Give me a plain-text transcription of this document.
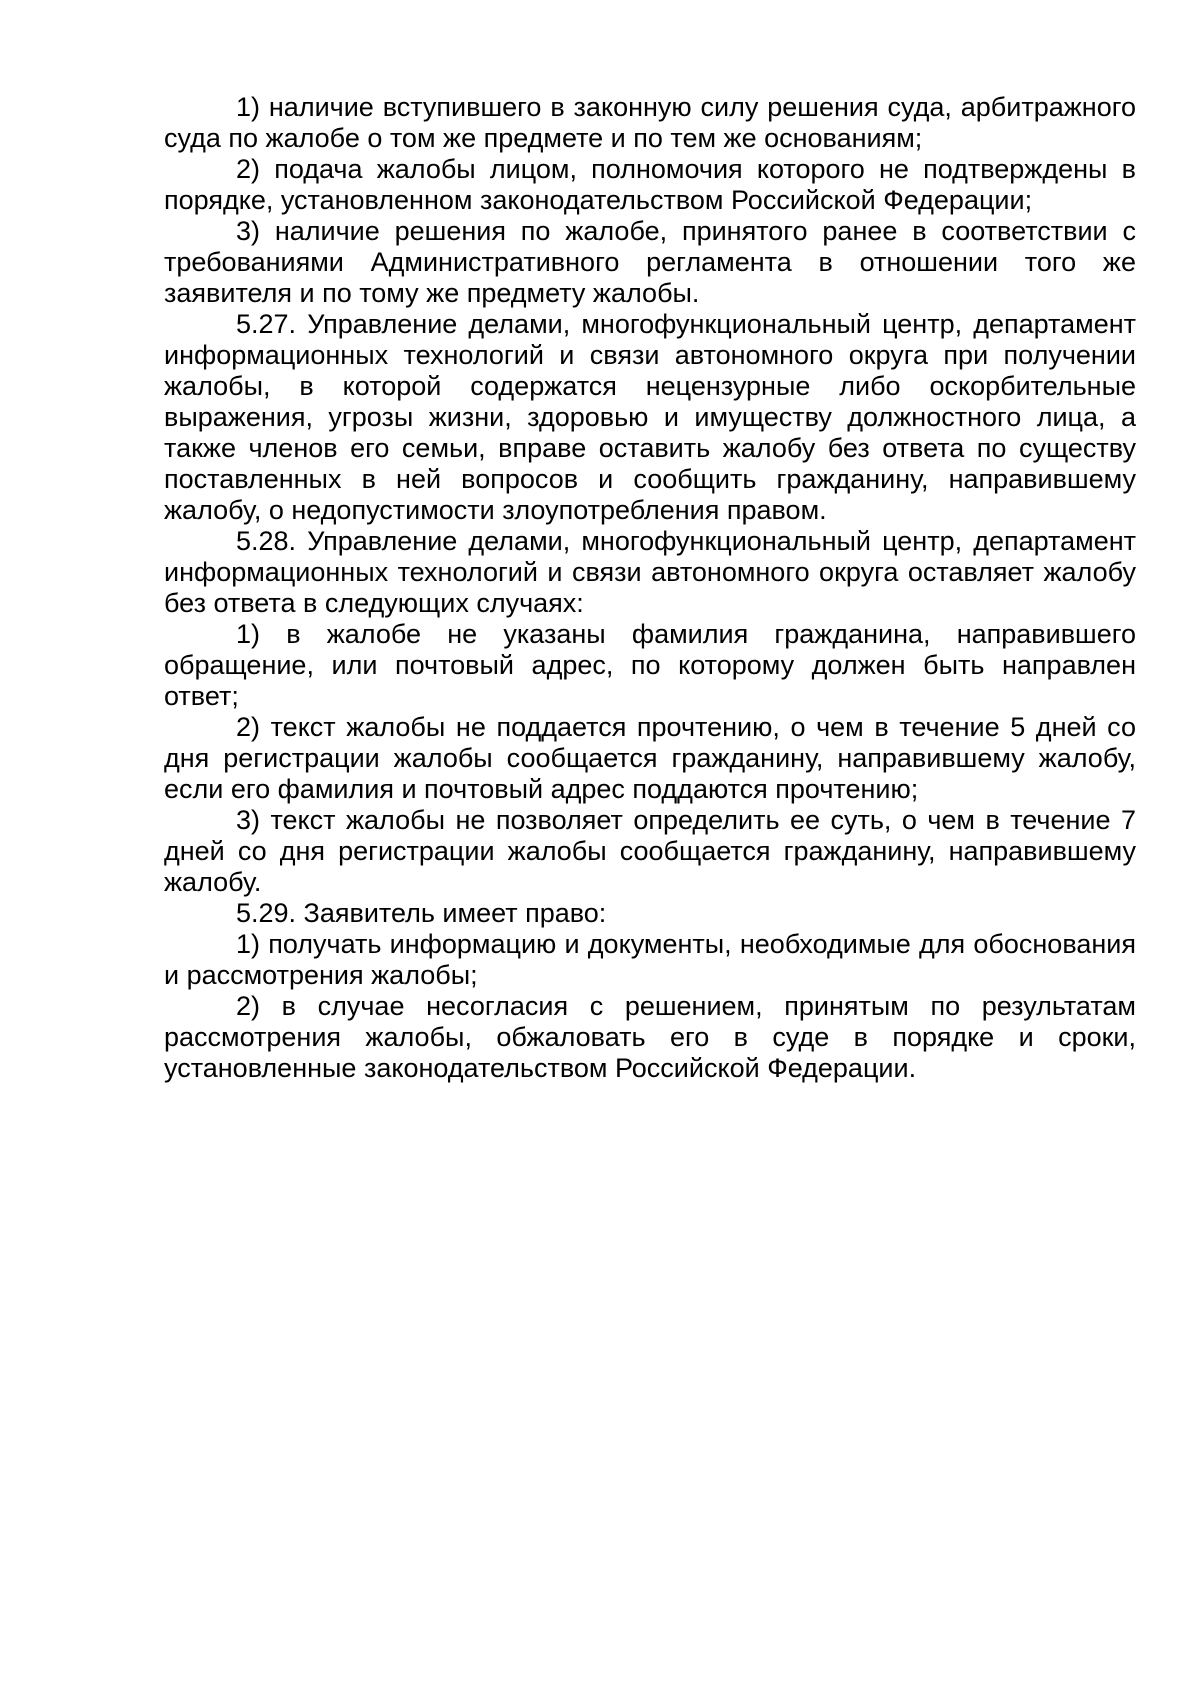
1) наличие вступившего в законную силу решения суда, арбитражного суда по жалобе о том же предмете и по тем же основаниям;

2) подача жалобы лицом, полномочия которого не подтверждены в порядке, установленном законодательством Российской Федерации;

3) наличие решения по жалобе, принятого ранее в соответствии с требованиями Административного регламента в отношении того же заявителя и по тому же предмету жалобы.

5.27. Управление делами, многофункциональный центр, департамент информационных технологий и связи автономного округа при получении жалобы, в которой содержатся нецензурные либо оскорбительные выражения, угрозы жизни, здоровью и имуществу должностного лица, а также членов его семьи, вправе оставить жалобу без ответа по существу поставленных в ней вопросов и сообщить гражданину, направившему жалобу, о недопустимости злоупотребления правом.

5.28. Управление делами, многофункциональный центр, департамент информационных технологий и связи автономного округа оставляет жалобу без ответа в следующих случаях:

1) в жалобе не указаны фамилия гражданина, направившего обращение, или почтовый адрес, по которому должен быть направлен ответ;

2) текст жалобы не поддается прочтению, о чем в течение 5 дней со дня регистрации жалобы сообщается гражданину, направившему жалобу, если его фамилия и почтовый адрес поддаются прочтению;

3) текст жалобы не позволяет определить ее суть, о чем в течение 7 дней со дня регистрации жалобы сообщается гражданину, направившему жалобу.

5.29. Заявитель имеет право:

1) получать информацию и документы, необходимые для обоснования и рассмотрения жалобы;

2) в случае несогласия с решением, принятым по результатам рассмотрения жалобы, обжаловать его в суде в порядке и сроки, установленные законодательством Российской Федерации.
